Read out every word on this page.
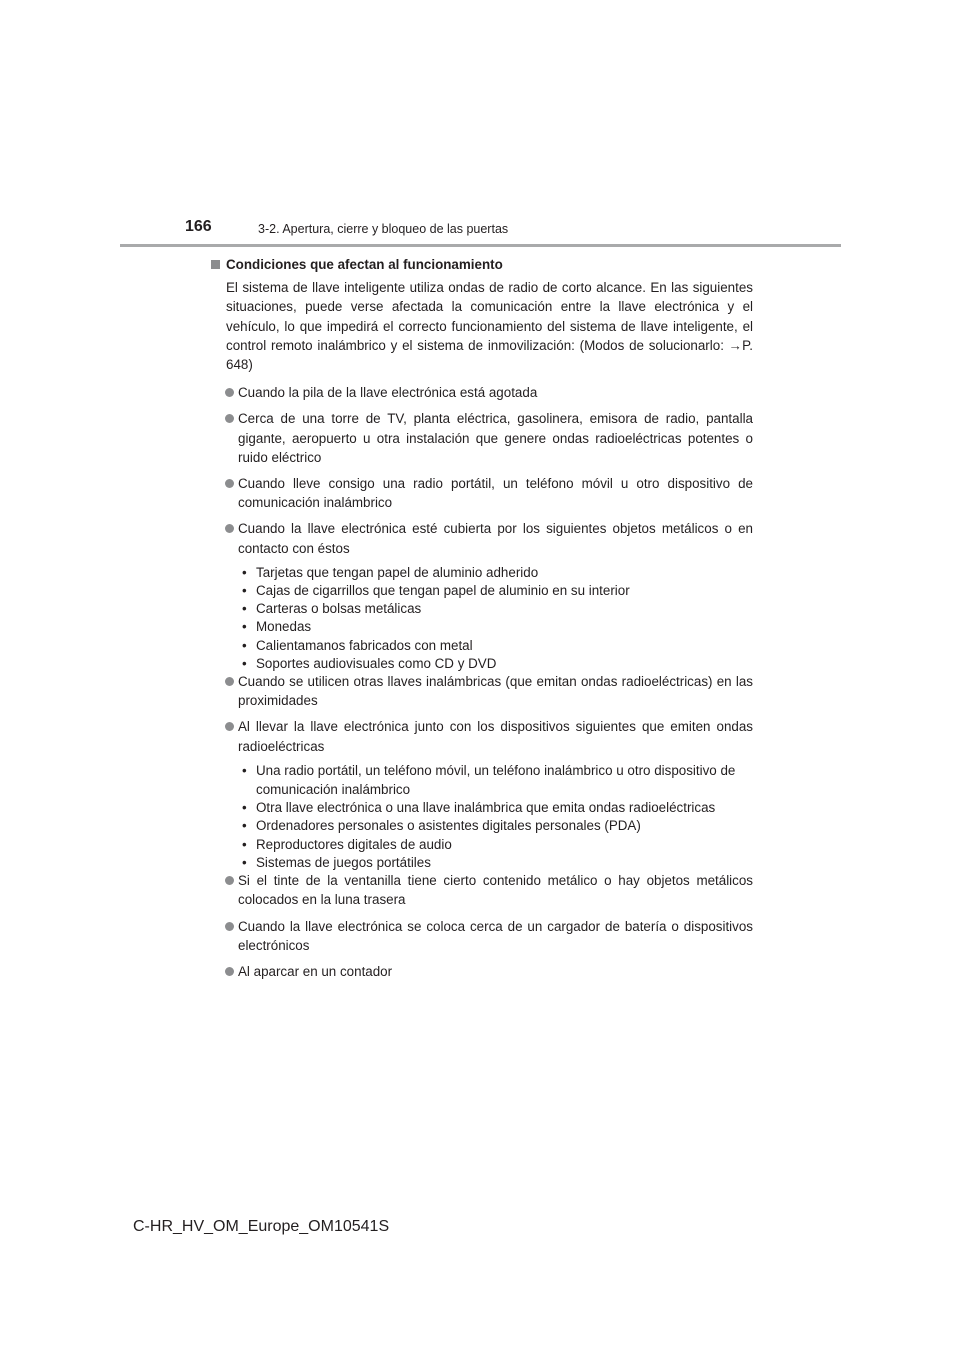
166	3-2. Apertura, cierre y bloqueo de las puertas
Condiciones que afectan al funcionamiento

El sistema de llave inteligente utiliza ondas de radio de corto alcance. En las siguientes situaciones, puede verse afectada la comunicación entre la llave electrónica y el vehículo, lo que impedirá el correcto funcionamiento del sistema de llave inteligente, el control remoto inalámbrico y el sistema de inmovilización: (Modos de solucionarlo: →P. 648)

Cuando la pila de la llave electrónica está agotada
Cerca de una torre de TV, planta eléctrica, gasolinera, emisora de radio, pantalla gigante, aeropuerto u otra instalación que genere ondas radioeléctricas potentes o ruido eléctrico
Cuando lleve consigo una radio portátil, un teléfono móvil u otro dispositivo de comunicación inalámbrico
Cuando la llave electrónica esté cubierta por los siguientes objetos metálicos o en contacto con éstos
• Tarjetas que tengan papel de aluminio adherido
• Cajas de cigarrillos que tengan papel de aluminio en su interior
• Carteras o bolsas metálicas
• Monedas
• Calientamanos fabricados con metal
• Soportes audiovisuales como CD y DVD
Cuando se utilicen otras llaves inalámbricas (que emitan ondas radioeléctricas) en las proximidades
Al llevar la llave electrónica junto con los dispositivos siguientes que emiten ondas radioeléctricas
• Una radio portátil, un teléfono móvil, un teléfono inalámbrico u otro dispositivo de comunicación inalámbrico
• Otra llave electrónica o una llave inalámbrica que emita ondas radioeléctricas
• Ordenadores personales o asistentes digitales personales (PDA)
• Reproductores digitales de audio
• Sistemas de juegos portátiles
Si el tinte de la ventanilla tiene cierto contenido metálico o hay objetos metálicos colocados en la luna trasera
Cuando la llave electrónica se coloca cerca de un cargador de batería o dispositivos electrónicos
Al aparcar en un contador
C-HR_HV_OM_Europe_OM10541S
